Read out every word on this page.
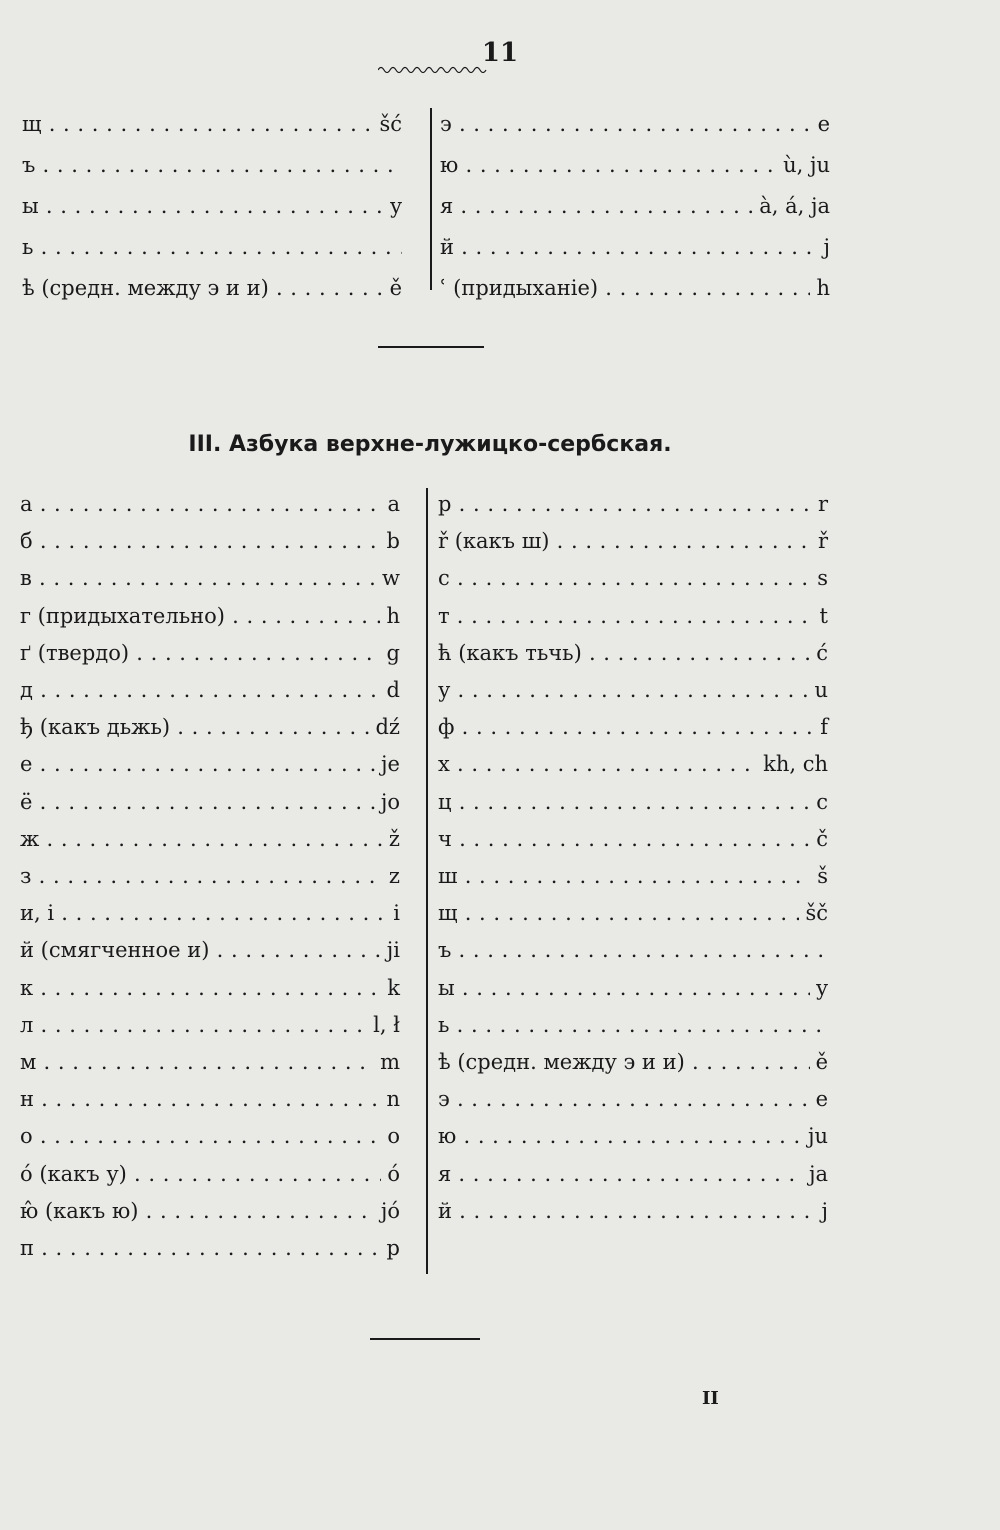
11
щ . . .	šć
ъ . . .
ы . . .	y
ь . . .
ѣ (средн. между э и и) . . .	ě
э . . .	e
ю . . .	ù, ju
я . . .	à, á, ja
й . . .	j
ʿ (придыханіе) . . .	h
III. Азбука верхне-лужицко-сербская.
а . . .	a
б . . .	b
в . . .	w
г (придыхательно) . . .	h
ґ (твердо) . . .	g
д . . .	d
ђ (какъ дьжь) . . .	dź
е . . .	je
ё . . .	jo
ж . . .	ž
з . . .	z
и, і . . .	i
й (смягченное и) . . .	ji
к . . .	k
л . . .	l, ł
м . . .	m
н . . .	n
о . . .	o
ó (какъ у) . . .	ó
ю̂ (какъ ю) . . .	jó
п . . .	p
р . . .	r
ř (какъ ш) . . .	ř
с . . .	s
т . . .	t
ћ (какъ тьчь) . . .	ć
у . . .	u
ф . . .	f
х . . .	kh, ch
ц . . .	c
ч . . .	č
ш . . .	š
щ . . .	šč
ъ . . .
ы . . .	y
ь . . .
ѣ (средн. между э и и) . . .	ě
э . . .	e
ю . . .	ju
я . . .	ja
й . . .	j
II
